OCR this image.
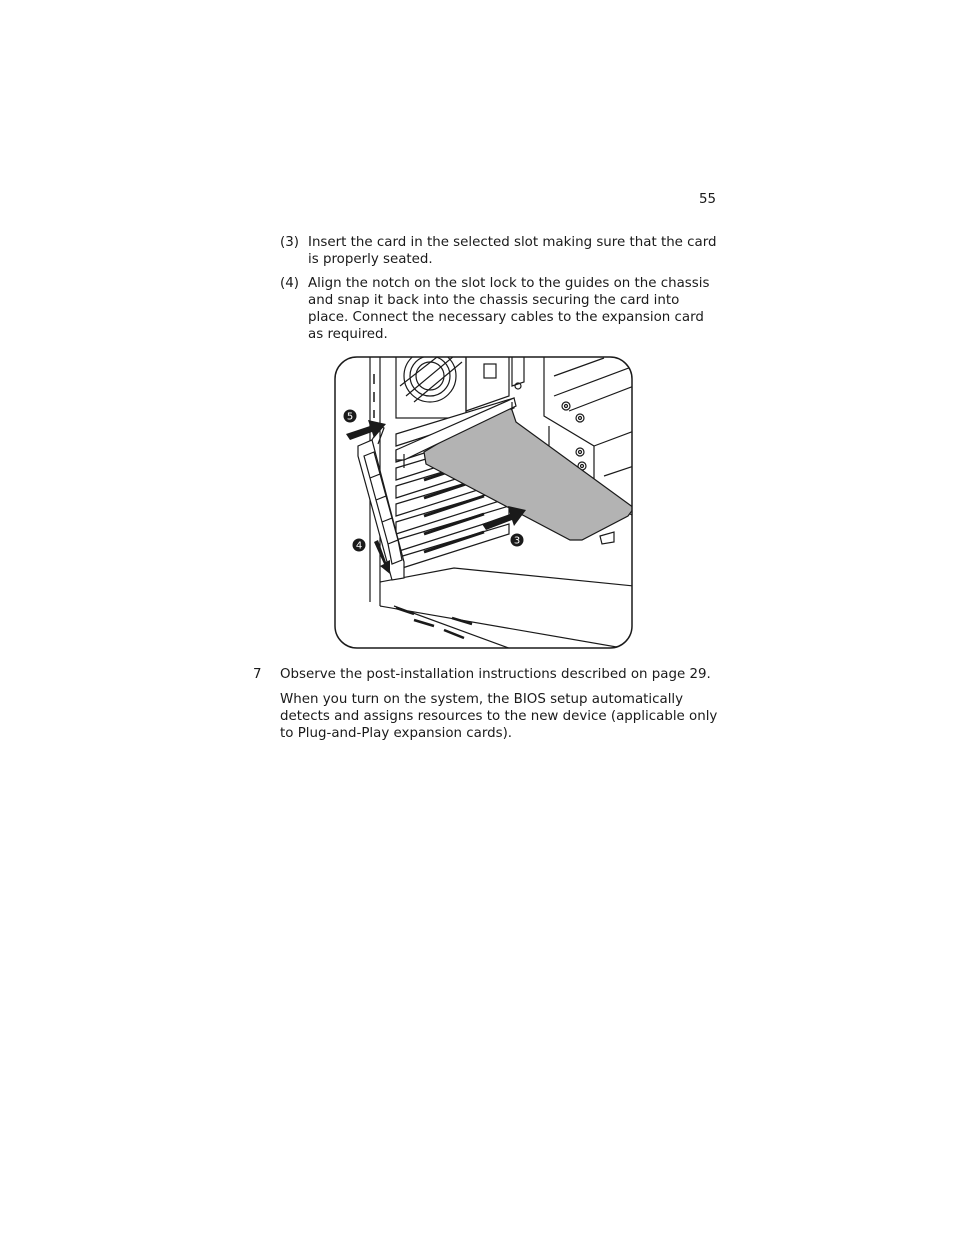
55
(3) Insert the card in the selected slot making sure that the card is properly seated.
(4) Align the notch on the slot lock to the guides on the chassis and snap it back into the chassis securing the card into place. Connect the necessary cables to the expansion card as required.
5
4	3
7 Observe the post-installation instructions described on page 29.
When you turn on the system, the BIOS setup automatically detects and assigns resources to the new device (applicable only to Plug-and-Play expansion cards).
